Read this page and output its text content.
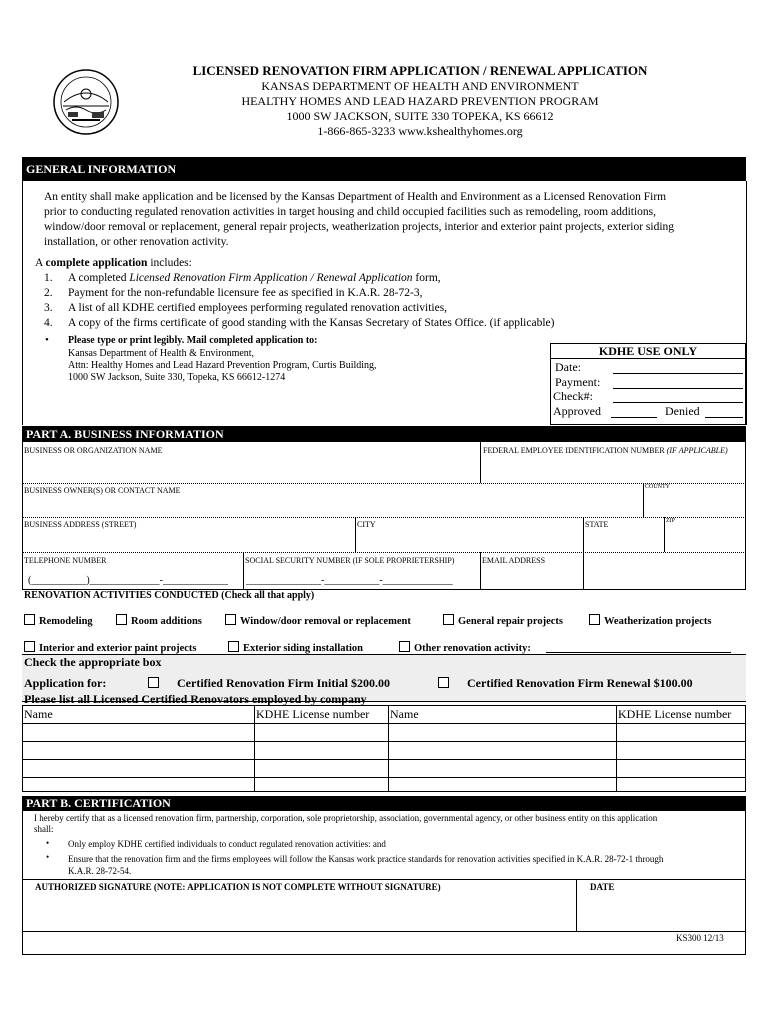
LICENSED RENOVATION FIRM APPLICATION / RENEWAL APPLICATION
KANSAS DEPARTMENT OF HEALTH AND ENVIRONMENT
HEALTHY HOMES AND LEAD HAZARD PREVENTION PROGRAM
1000 SW JACKSON, SUITE 330 TOPEKA, KS 66612
1-866-865-3233 www.kshealthyhomes.org
GENERAL INFORMATION
An entity shall make application and be licensed by the Kansas Department of Health and Environment as a Licensed Renovation Firm
prior to conducting regulated renovation activities in target housing and child occupied facilities such as remodeling, room additions,
window/door removal or replacement, general repair projects, weatherization projects, interior and exterior paint projects, exterior siding
installation, or other renovation activity.
A complete application includes:
1. A completed Licensed Renovation Firm Application / Renewal Application form,
2. Payment for the non-refundable licensure fee as specified in K.A.R. 28-72-3,
3. A list of all KDHE certified employees performing regulated renovation activities,
4. A copy of the firms certificate of good standing with the Kansas Secretary of States Office. (if applicable)
• Please type or print legibly. Mail completed application to:
Kansas Department of Health & Environment,
Attn: Healthy Homes and Lead Hazard Prevention Program, Curtis Building,
1000 SW Jackson, Suite 330, Topeka, KS 66612-1274
KDHE USE ONLY
Date:
Payment:
Check#:
Approved	Denied
PART A. BUSINESS INFORMATION
BUSINESS OR ORGANIZATION NAME	FEDERAL EMPLOYEE IDENTIFICATION NUMBER (IF APPLICABLE)
BUSINESS OWNER(S) OR CONTACT NAME	COUNTY
BUSINESS ADDRESS (STREET)	CITY	STATE	ZIP
TELEPHONE NUMBER
(___________)______________-_____________
SOCIAL SECURITY NUMBER (IF SOLE PROPRIETERSHIP)
_______________-___________-______________
EMAIL ADDRESS
RENOVATION ACTIVITIES CONDUCTED (Check all that apply)
Remodeling	Room additions	Window/door removal or replacement	General repair projects	Weatherization projects
Interior and exterior paint projects	Exterior siding installation	Other renovation activity:
Check the appropriate box
Application for:	Certified Renovation Firm Initial $200.00	Certified Renovation Firm Renewal $100.00
Please list all Licensed Certified Renovators employed by company
Name	KDHE License number Name	KDHE License number
PART B. CERTIFICATION
I hereby certify that as a licensed renovation firm, partnership, corporation, sole proprietorship, association, governmental agency, or other business entity on this application
shall:
• Only employ KDHE certified individuals to conduct regulated renovation activities: and
• Ensure that the renovation firm and the firms employees will follow the Kansas work practice standards for renovation activities specified in K.A.R. 28-72-1 through
K.A.R. 28-72-54.
AUTHORIZED SIGNATURE (NOTE: APPLICATION IS NOT COMPLETE WITHOUT SIGNATURE)	DATE
KS300 12/13
